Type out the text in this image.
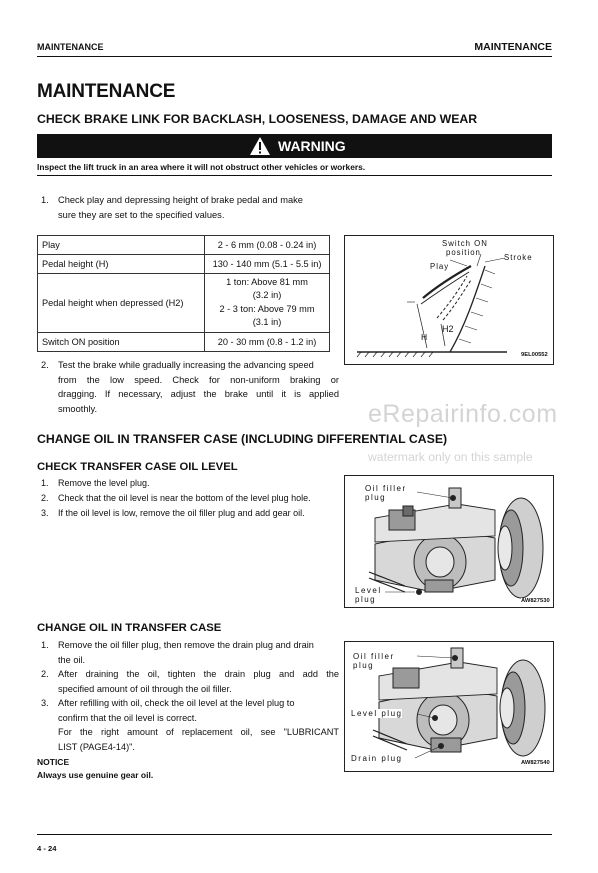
MAINTENANCE	MAINTENANCE
MAINTENANCE
CHECK BRAKE LINK FOR BACKLASH, LOOSENESS, DAMAGE AND WEAR
WARNING
Inspect the lift truck in an area where it will not obstruct other vehicles or workers.
1. Check play and depressing height of brake pedal and make
sure they are set to the specified values.
Play	2 - 6 mm (0.08 - 0.24 in)
Pedal height (H)	130 - 140 mm (5.1 - 5.5 in)
Pedal height when depressed (H2)	1 ton: Above 81 mm
(3.2 in)
2 - 3 ton: Above 79 mm
(3.1 in)

Switch ON position	20 - 30 mm (0.8 - 1.2 in)
Switch ON
position
Stroke
Play
H
H2
9EL00552
2. Test the brake while gradually increasing the advancing speed
from the low speed. Check for non-uniform braking or
dragging. If necessary, adjust the brake until it is applied
smoothly.	eRepairinfo.com
CHANGE OIL IN TRANSFER CASE (INCLUDING DIFFERENTIAL CASE)
watermark only on this sample
CHECK TRANSFER CASE OIL LEVEL
1. Remove the level plug.
2. Check that the oil level is near the bottom of the level plug hole.
3. If the oil level is low, remove the oil filler plug and add gear oil.
Oil filler
plug
Level
plug	AW827530
CHANGE OIL IN TRANSFER CASE
1. Remove the oil filler plug, then remove the drain plug and drain
the oil.
2. After draining the oil, tighten the drain plug and add the
specified amount of oil through the oil filler.
3. After refilling with oil, check the oil level at the level plug to
confirm that the oil level is correct.
For the right amount of replacement oil, see "LUBRICANT
LIST (PAGE4-14)".
NOTICE
Always use genuine gear oil.
Oil filler
plug
Level plug
Drain plug	AW827540
4 - 24
